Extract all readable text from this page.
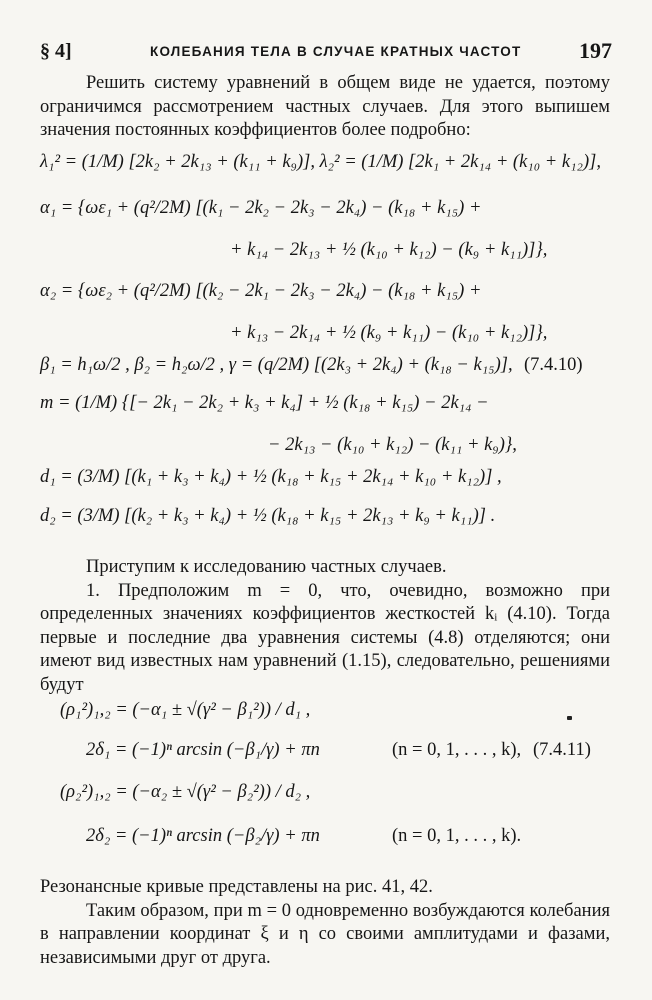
§ 4]	КОЛЕБАНИЯ ТЕЛА В СЛУЧАЕ КРАТНЫХ ЧАСТОТ	197

Решить систему уравнений в общем виде не удается, поэтому ограничимся рассмотрением частных случаев. Для этого выпишем значения постоянных коэффициентов более подробно:

λ₁² = (1/M) [2k₂ + 2k₁₃ + (k₁₁ + k₉)], λ₂² = (1/M) [2k₁ + 2k₁₄ + (k₁₀ + k₁₂)],
α₁ = {ωε₁ + (q²/2M) [(k₁ − 2k₂ − 2k₃ − 2k₄) − (k₁₈ + k₁₅) +
+ k₁₄ − 2k₁₃ + ½ (k₁₀ + k₁₂) − (k₉ + k₁₁)]},
α₂ = {ωε₂ + (q²/2M) [(k₂ − 2k₁ − 2k₃ − 2k₄) − (k₁₈ + k₁₅) +
+ k₁₃ − 2k₁₄ + ½ (k₉ + k₁₁) − (k₁₀ + k₁₂)]},
β₁ = h₁ω/2 , β₂ = h₂ω/2 , γ = (q/2M) [(2k₃ + 2k₄) + (k₁₈ − k₁₅)], (7.4.10)
m = (1/M) {[− 2k₁ − 2k₂ + k₃ + k₄] + ½ (k₁₈ + k₁₅) − 2k₁₄ −
− 2k₁₃ − (k₁₀ + k₁₂) − (k₁₁ + k₉)},
d₁ = (3/M) [(k₁ + k₃ + k₄) + ½ (k₁₈ + k₁₅ + 2k₁₄ + k₁₀ + k₁₂)] ,
d₂ = (3/M) [(k₂ + k₃ + k₄) + ½ (k₁₈ + k₁₅ + 2k₁₃ + k₉ + k₁₁)] .

Приступим к исследованию частных случаев.

1. Предположим m = 0, что, очевидно, возможно при определенных значениях коэффициентов жесткостей kᵢ (4.10). Тогда первые и последние два уравнения системы (4.8) отделяются; они имеют вид известных нам уравнений (1.15), следовательно, решениями будут

(ρ₁²)₁,₂ = (−α₁ ± √(γ² − β₁²)) / d₁ ,
2δ₁ = (−1)ⁿ arcsin (−β₁/γ) + πn	(n = 0, 1, . . . , k), (7.4.11)
(ρ₂²)₁,₂ = (−α₂ ± √(γ² − β₂²)) / d₂ ,
2δ₂ = (−1)ⁿ arcsin (−β₂/γ) + πn	(n = 0, 1, . . . , k).

Резонансные кривые представлены на рис. 41, 42.

Таким образом, при m = 0 одновременно возбуждаются колебания в направлении координат ξ и η со своими амплитудами и фазами, независимыми друг от друга.
